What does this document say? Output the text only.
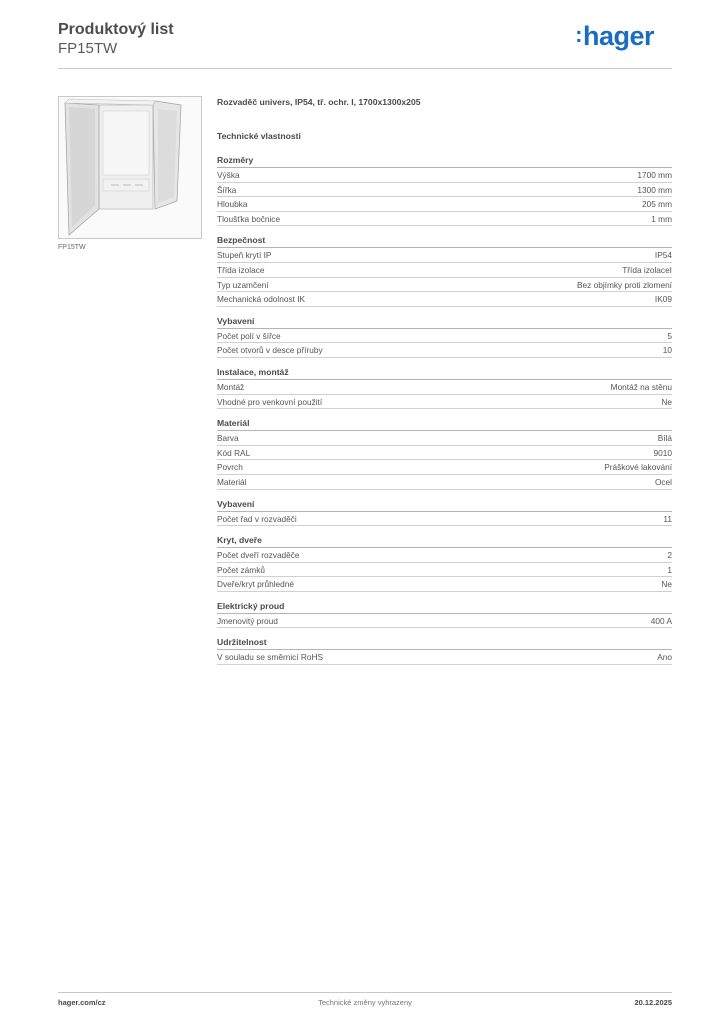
Produktový list
FP15TW
:hager
FP15TW
Rozvaděč univers, IP54, tř. ochr. I, 1700x1300x205
Technické vlastnosti
Rozměry
Výška	1700 mm
Šířka	1300 mm
Hloubka	205 mm
Tloušťka bočnice	1 mm
Bezpečnost
Stupeň krytí IP	IP54
Třída izolace	Třída izolaceI
Typ uzamčení	Bez objímky proti zlomení
Mechanická odolnost IK	IK09
Vybavení
Počet polí v šířce	5
Počet otvorů v desce příruby	10
Instalace, montáž
Montáž	Montáž na stěnu
Vhodné pro venkovní použití	Ne
Materiál
Barva	Bílá
Kód RAL	9010
Povrch	Práškové lakování
Materiál	Ocel
Vybavení
Počet řad v rozvaděči	11
Kryt, dveře
Počet dveří rozvaděče	2
Počet zámků	1
Dveře/kryt průhledné	Ne
Elektrický proud
Jmenovitý proud	400 A
Udržitelnost
V souladu se směrnicí RoHS	Ano
hager.com/cz	Technické změny vyhrazeny	20.12.2025
